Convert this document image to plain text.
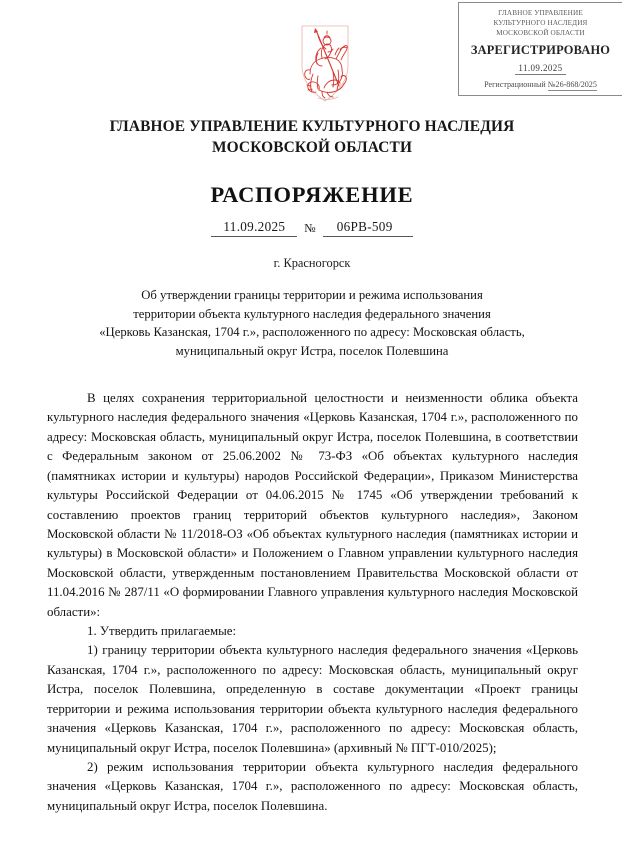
ГЛАВНОЕ УПРАВЛЕНИЕ
КУЛЬТУРНОГО НАСЛЕДИЯ
МОСКОВСКОЙ ОБЛАСТИ
ЗАРЕГИСТРИРОВАНО
11.09.2025
Регистрационный №26-868/2025
ГЛАВНОЕ УПРАВЛЕНИЕ КУЛЬТУРНОГО НАСЛЕДИЯ
МОСКОВСКОЙ ОБЛАСТИ
РАСПОРЯЖЕНИЕ
11.09.2025	№	06РВ-509
г. Красногорск
Об утверждении границы территории и режима использования
территории объекта культурного наследия федерального значения
«Церковь Казанская, 1704 г.», расположенного по адресу: Московская область,
муниципальный округ Истра, поселок Полевшина

В целях сохранения территориальной целостности и неизменности облика объекта культурного наследия федерального значения «Церковь Казанская, 1704 г.», расположенного по адресу: Московская область, муниципальный округ Истра, поселок Полевшина, в соответствии с Федеральным законом от 25.06.2002 № 73-ФЗ «Об объектах культурного наследия (памятниках истории и культуры) народов Российской Федерации», Приказом Министерства культуры Российской Федерации от 04.06.2015 № 1745 «Об утверждении требований к составлению проектов границ территорий объектов культурного наследия», Законом Московской области № 11/2018-ОЗ «Об объектах культурного наследия (памятниках истории и культуры) в Московской области» и Положением о Главном управлении культурного наследия Московской области, утвержденным постановлением Правительства Московской области от 11.04.2016 № 287/11 «О формировании Главного управления культурного наследия Московской области»:

1. Утвердить прилагаемые:

1) границу территории объекта культурного наследия федерального значения «Церковь Казанская, 1704 г.», расположенного по адресу: Московская область, муниципальный округ Истра, поселок Полевшина, определенную в составе документации «Проект границы территории и режима использования территории объекта культурного наследия федерального значения «Церковь Казанская, 1704 г.», расположенного по адресу: Московская область, муниципальный округ Истра, поселок Полевшина» (архивный № ПГТ-010/2025);

2) режим использования территории объекта культурного наследия федерального значения «Церковь Казанская, 1704 г.», расположенного по адресу: Московская область, муниципальный округ Истра, поселок Полевшина.
